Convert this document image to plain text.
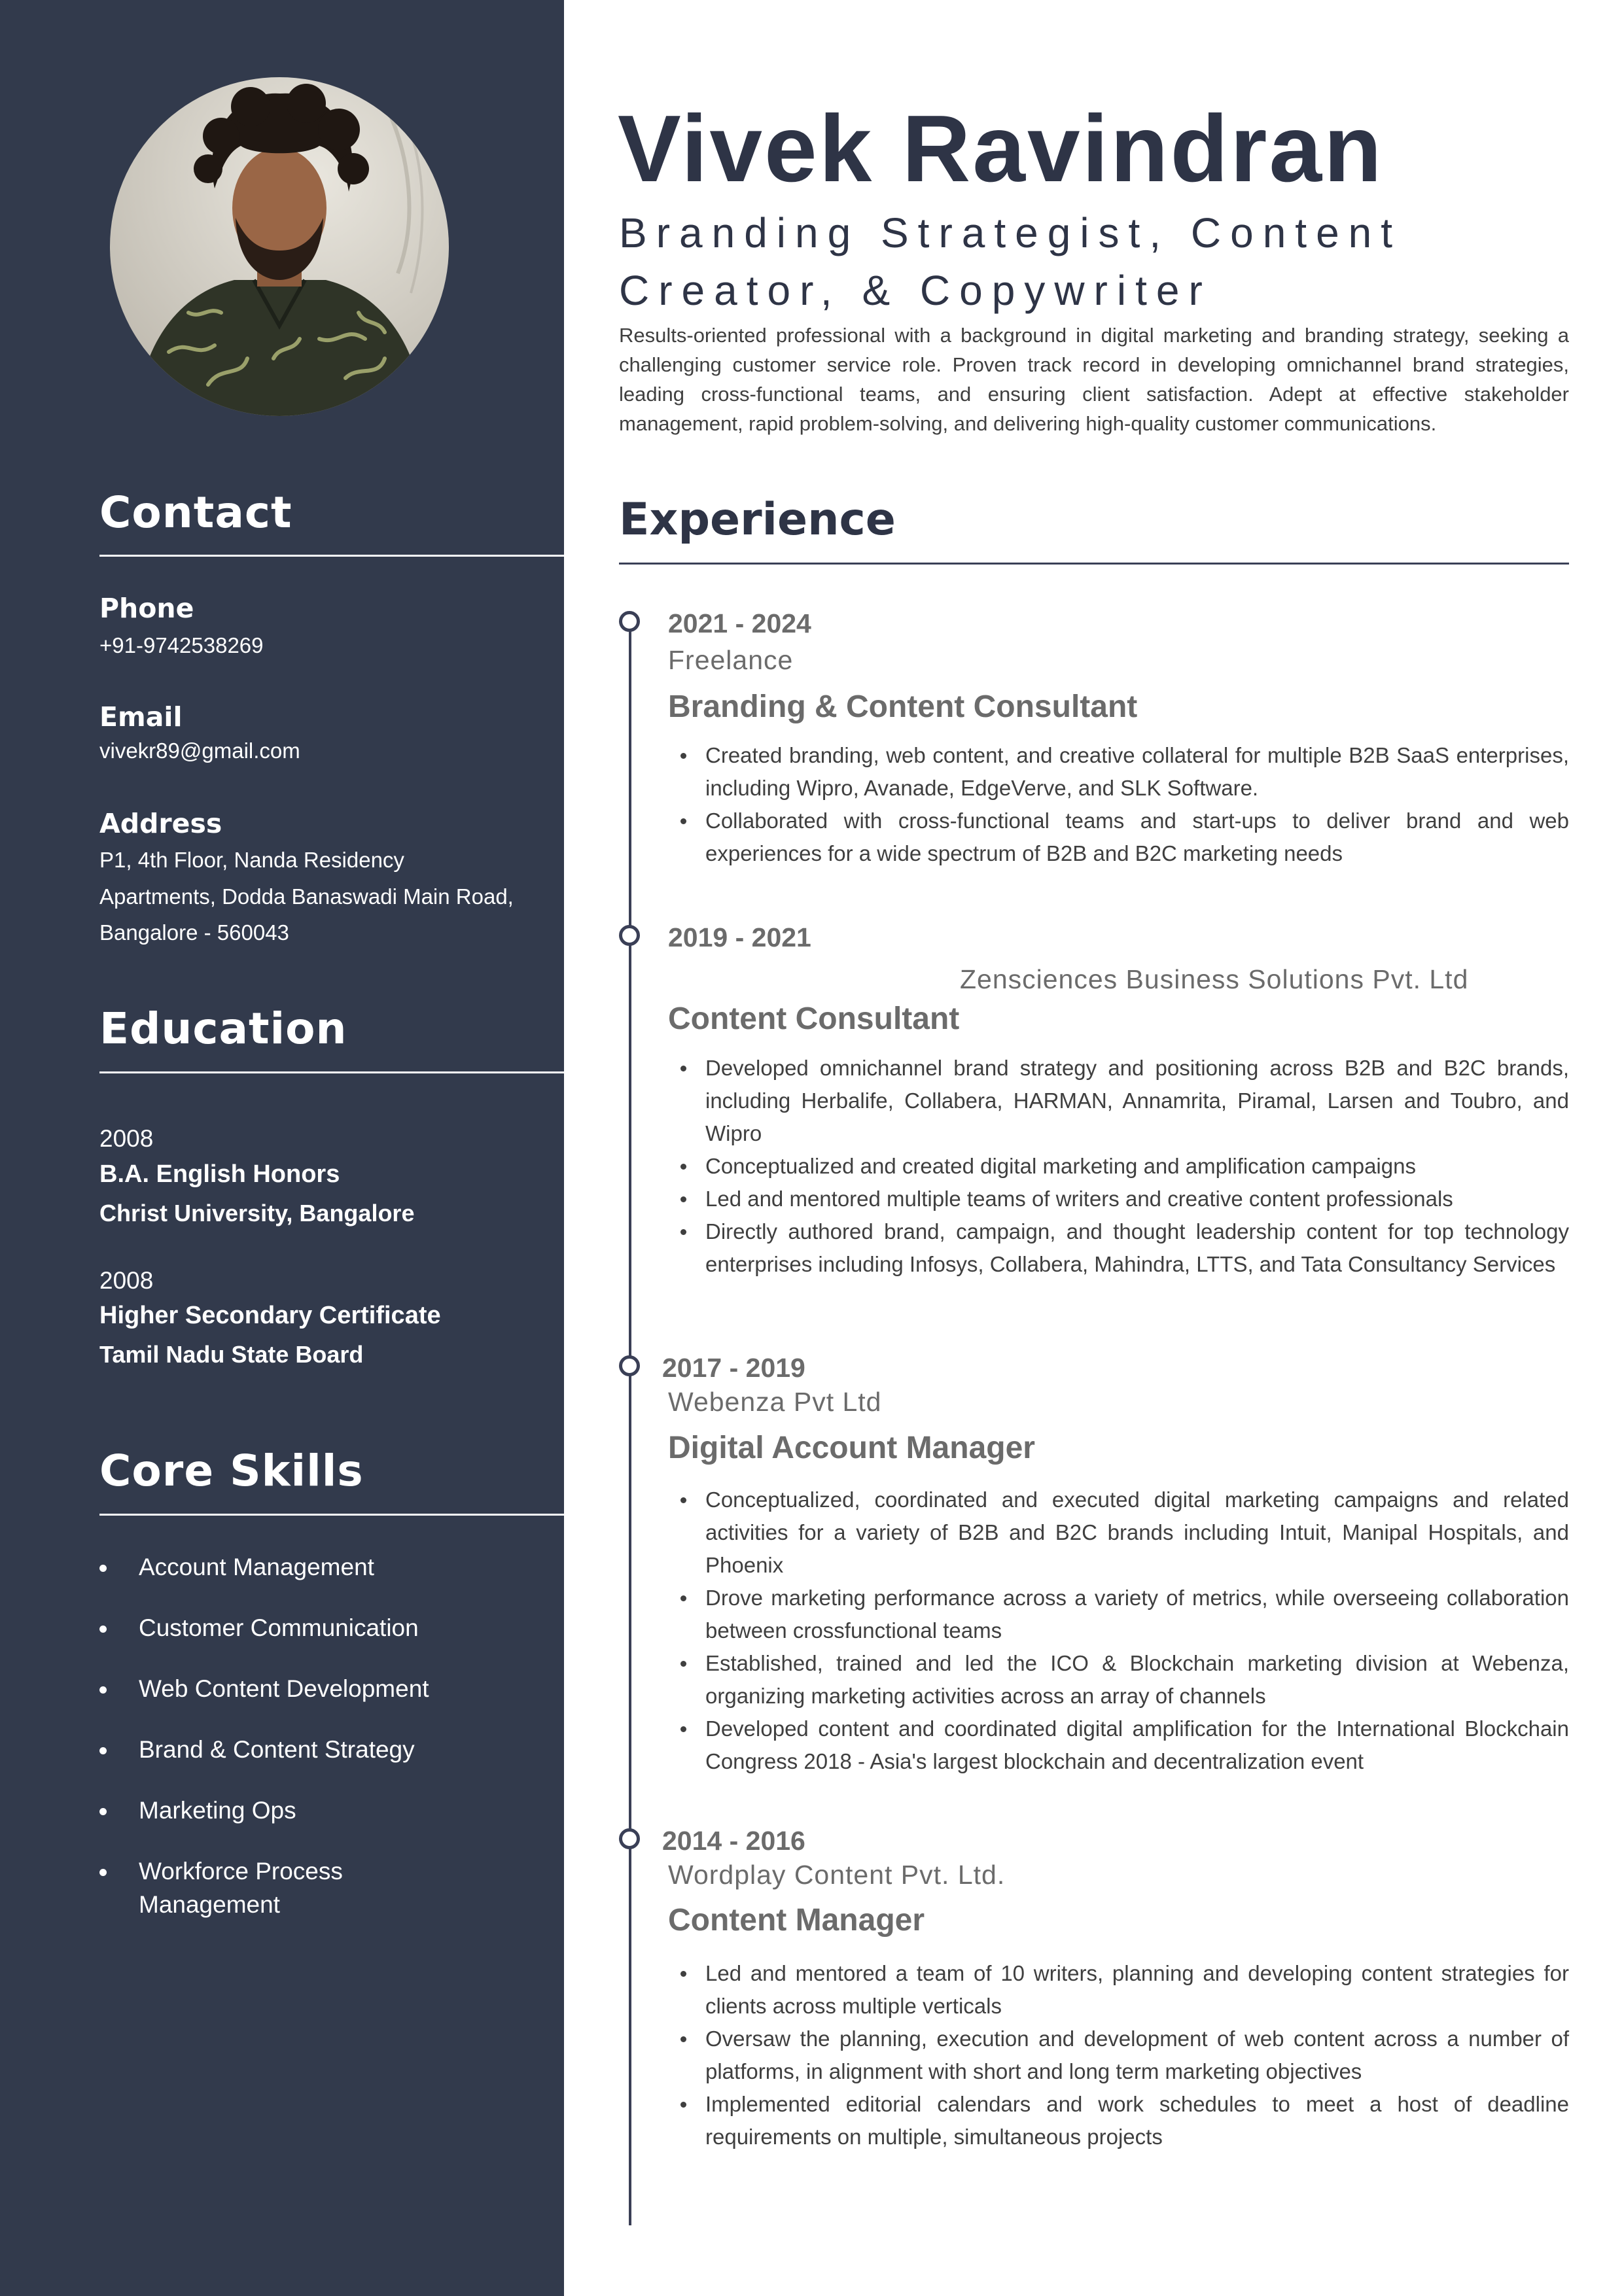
Contact
Phone
+91-9742538269
Email
vivekr89@gmail.com
Address
P1, 4th Floor, Nanda Residency
Apartments, Dodda Banaswadi Main Road,
Bangalore - 560043
Education
2008
B.A. English Honors
Christ University, Bangalore
2008
Higher Secondary Certificate
Tamil Nadu State Board
Core Skills
Account Management
Customer Communication
Web Content Development
Brand & Content Strategy
Marketing Ops
Workforce Process Management
Vivek Ravindran
Branding Strategist, Content Creator, & Copywriter
Results-oriented professional with a background in digital marketing and branding strategy, seeking a challenging customer service role. Proven track record in developing omnichannel brand strategies, leading cross-functional teams, and ensuring client satisfaction. Adept at effective stakeholder management, rapid problem-solving, and delivering high-quality customer communications.
Experience
2021 - 2024
Freelance
Branding & Content Consultant
Created branding, web content, and creative collateral for multiple B2B SaaS enterprises, including Wipro, Avanade, EdgeVerve, and SLK Software.
Collaborated with cross-functional teams and start-ups to deliver brand and web experiences for a wide spectrum of B2B and B2C marketing needs
2019 - 2021
Zensciences Business Solutions Pvt. Ltd
Content Consultant
Developed omnichannel brand strategy and positioning across B2B and B2C brands, including Herbalife, Collabera, HARMAN, Annamrita, Piramal, Larsen and Toubro, and Wipro
Conceptualized and created digital marketing and amplification campaigns
Led and mentored multiple teams of writers and creative content professionals
Directly authored brand, campaign, and thought leadership content for top technology enterprises including Infosys, Collabera, Mahindra, LTTS, and Tata Consultancy Services
2017 - 2019
Webenza Pvt Ltd
Digital Account Manager
Conceptualized, coordinated and executed digital marketing campaigns and related activities for a variety of B2B and B2C brands including Intuit, Manipal Hospitals, and Phoenix
Drove marketing performance across a variety of metrics, while overseeing collaboration between crossfunctional teams
Established, trained and led the ICO & Blockchain marketing division at Webenza, organizing marketing activities across an array of channels
Developed content and coordinated digital amplification for the International Blockchain Congress 2018 - Asia's largest blockchain and decentralization event
2014 - 2016
Wordplay Content Pvt. Ltd.
Content Manager
Led and mentored a team of 10 writers, planning and developing content strategies for clients across multiple verticals
Oversaw the planning, execution and development of web content across a number of platforms, in alignment with short and long term marketing objectives
Implemented editorial calendars and work schedules to meet a host of deadline requirements on multiple, simultaneous projects
